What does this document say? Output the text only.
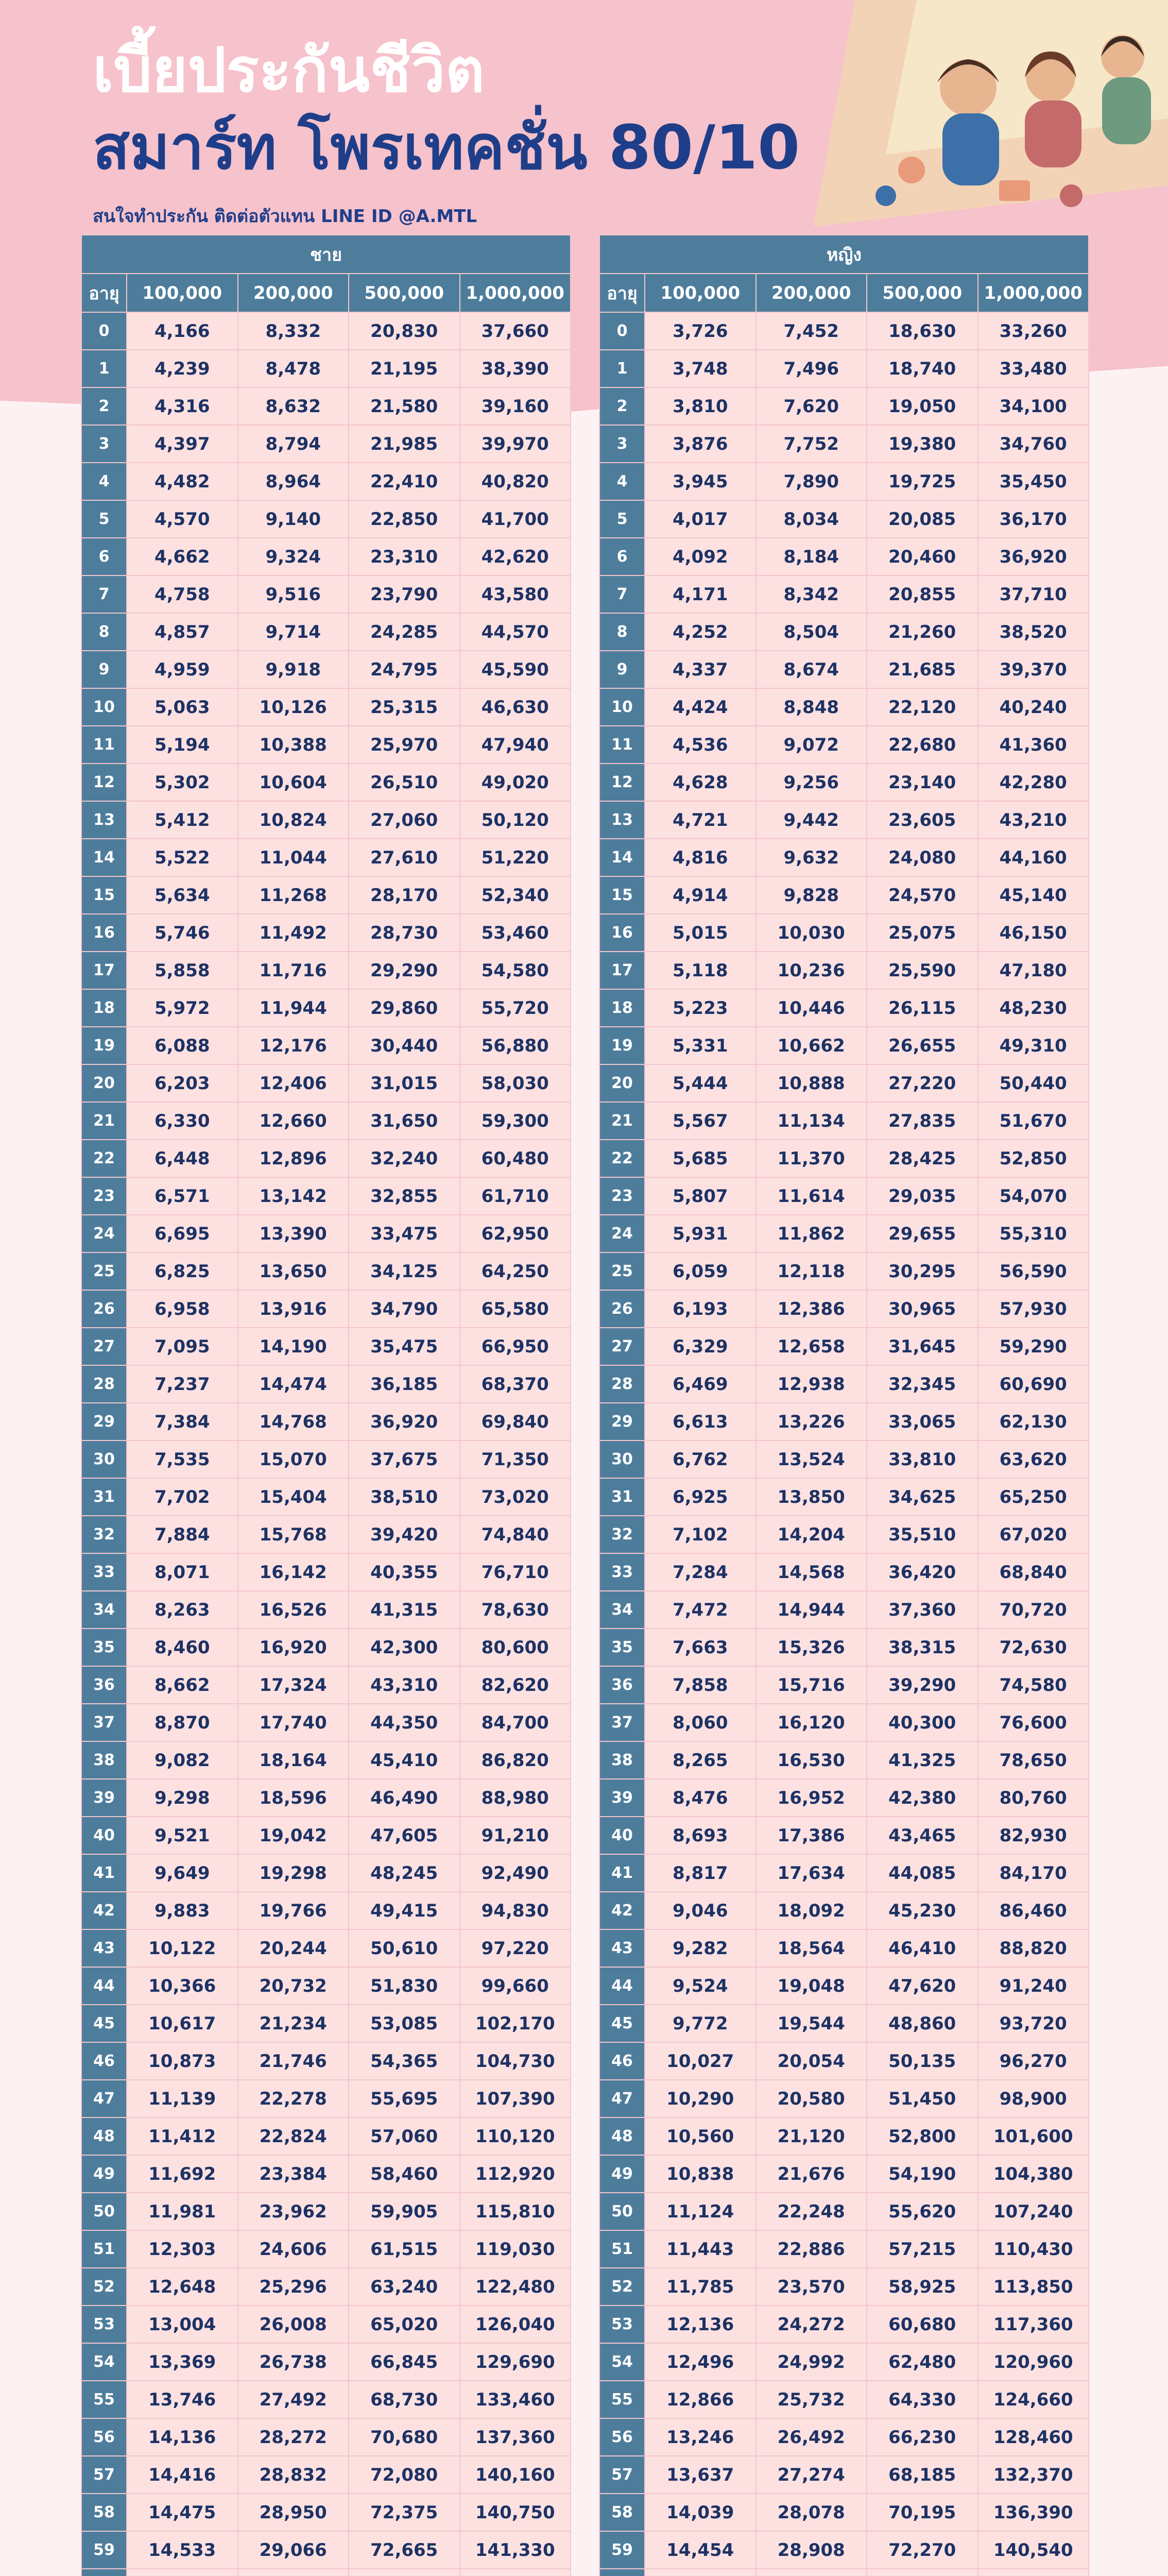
เบี้ยประกันชีวิต
สมาร์ท โพรเทคชั่น 80/10
สนใจทำประกัน ติดต่อตัวแทน LINE ID @A.MTL
ชาย				
อายุ	100,000	200,000	500,000	1,000,000
0	4,166	8,332	20,830	37,660
1	4,239	8,478	21,195	38,390
2	4,316	8,632	21,580	39,160
3	4,397	8,794	21,985	39,970
4	4,482	8,964	22,410	40,820
5	4,570	9,140	22,850	41,700
6	4,662	9,324	23,310	42,620
7	4,758	9,516	23,790	43,580
8	4,857	9,714	24,285	44,570
9	4,959	9,918	24,795	45,590
10	5,063	10,126	25,315	46,630
11	5,194	10,388	25,970	47,940
12	5,302	10,604	26,510	49,020
13	5,412	10,824	27,060	50,120
14	5,522	11,044	27,610	51,220
15	5,634	11,268	28,170	52,340
16	5,746	11,492	28,730	53,460
17	5,858	11,716	29,290	54,580
18	5,972	11,944	29,860	55,720
19	6,088	12,176	30,440	56,880
20	6,203	12,406	31,015	58,030
21	6,330	12,660	31,650	59,300
22	6,448	12,896	32,240	60,480
23	6,571	13,142	32,855	61,710
24	6,695	13,390	33,475	62,950
25	6,825	13,650	34,125	64,250
26	6,958	13,916	34,790	65,580
27	7,095	14,190	35,475	66,950
28	7,237	14,474	36,185	68,370
29	7,384	14,768	36,920	69,840
30	7,535	15,070	37,675	71,350
31	7,702	15,404	38,510	73,020
32	7,884	15,768	39,420	74,840
33	8,071	16,142	40,355	76,710
34	8,263	16,526	41,315	78,630
35	8,460	16,920	42,300	80,600
36	8,662	17,324	43,310	82,620
37	8,870	17,740	44,350	84,700
38	9,082	18,164	45,410	86,820
39	9,298	18,596	46,490	88,980
40	9,521	19,042	47,605	91,210
41	9,649	19,298	48,245	92,490
42	9,883	19,766	49,415	94,830
43	10,122	20,244	50,610	97,220
44	10,366	20,732	51,830	99,660
45	10,617	21,234	53,085	102,170
46	10,873	21,746	54,365	104,730
47	11,139	22,278	55,695	107,390
48	11,412	22,824	57,060	110,120
49	11,692	23,384	58,460	112,920
50	11,981	23,962	59,905	115,810
51	12,303	24,606	61,515	119,030
52	12,648	25,296	63,240	122,480
53	13,004	26,008	65,020	126,040
54	13,369	26,738	66,845	129,690
55	13,746	27,492	68,730	133,460
56	14,136	28,272	70,680	137,360
57	14,416	28,832	72,080	140,160
58	14,475	28,950	72,375	140,750
59	14,533	29,066	72,665	141,330

หญิง				
อายุ	100,000	200,000	500,000	1,000,000
0	3,726	7,452	18,630	33,260
1	3,748	7,496	18,740	33,480
2	3,810	7,620	19,050	34,100
3	3,876	7,752	19,380	34,760
4	3,945	7,890	19,725	35,450
5	4,017	8,034	20,085	36,170
6	4,092	8,184	20,460	36,920
7	4,171	8,342	20,855	37,710
8	4,252	8,504	21,260	38,520
9	4,337	8,674	21,685	39,370
10	4,424	8,848	22,120	40,240
11	4,536	9,072	22,680	41,360
12	4,628	9,256	23,140	42,280
13	4,721	9,442	23,605	43,210
14	4,816	9,632	24,080	44,160
15	4,914	9,828	24,570	45,140
16	5,015	10,030	25,075	46,150
17	5,118	10,236	25,590	47,180
18	5,223	10,446	26,115	48,230
19	5,331	10,662	26,655	49,310
20	5,444	10,888	27,220	50,440
21	5,567	11,134	27,835	51,670
22	5,685	11,370	28,425	52,850
23	5,807	11,614	29,035	54,070
24	5,931	11,862	29,655	55,310
25	6,059	12,118	30,295	56,590
26	6,193	12,386	30,965	57,930
27	6,329	12,658	31,645	59,290
28	6,469	12,938	32,345	60,690
29	6,613	13,226	33,065	62,130
30	6,762	13,524	33,810	63,620
31	6,925	13,850	34,625	65,250
32	7,102	14,204	35,510	67,020
33	7,284	14,568	36,420	68,840
34	7,472	14,944	37,360	70,720
35	7,663	15,326	38,315	72,630
36	7,858	15,716	39,290	74,580
37	8,060	16,120	40,300	76,600
38	8,265	16,530	41,325	78,650
39	8,476	16,952	42,380	80,760
40	8,693	17,386	43,465	82,930
41	8,817	17,634	44,085	84,170
42	9,046	18,092	45,230	86,460
43	9,282	18,564	46,410	88,820
44	9,524	19,048	47,620	91,240
45	9,772	19,544	48,860	93,720
46	10,027	20,054	50,135	96,270
47	10,290	20,580	51,450	98,900
48	10,560	21,120	52,800	101,600
49	10,838	21,676	54,190	104,380
50	11,124	22,248	55,620	107,240
51	11,443	22,886	57,215	110,430
52	11,785	23,570	58,925	113,850
53	12,136	24,272	60,680	117,360
54	12,496	24,992	62,480	120,960
55	12,866	25,732	64,330	124,660
56	13,246	26,492	66,230	128,460
57	13,637	27,274	68,185	132,370
58	14,039	28,078	70,195	136,390
59	14,454	28,908	72,270	140,540
